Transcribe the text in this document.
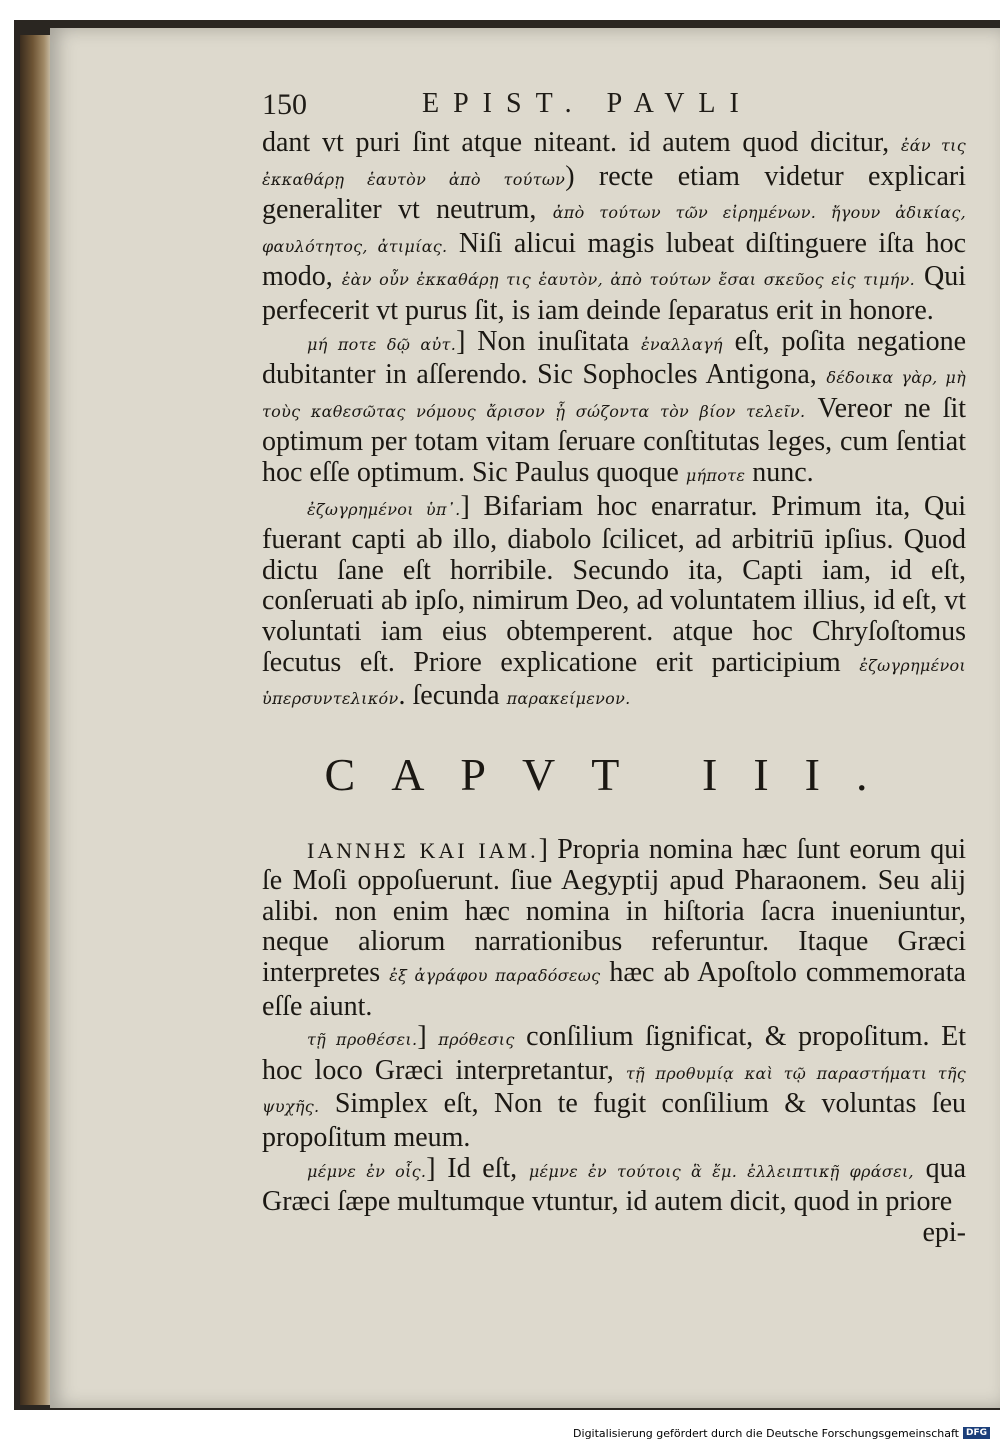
150	EPIST. PAVLI

dant vt puri ſint atque niteant. id autem quod dicitur, ἐάν τις ἐκκαθάρῃ ἑαυτὸν ἀπὸ τούτων) recte etiam videtur explicari generaliter vt neutrum, ἀπὸ τούτων τῶν εἰρημένων. ἤγουν ἀδικίας, φαυλότητος, ἀτιμίας. Niſi alicui magis lubeat diſtinguere iſta hoc modo, ἐὰν οὖν ἐκκαθάρῃ τις ἑαυτὸν, ἀπὸ τούτων ἔσαι σκεῦος εἰς τιμήν. Qui perfecerit vt purus ſit, is iam deinde ſeparatus erit in honore.

μή ποτε δῷ αὐτ.] Non inuſitata ἐναλλαγή eſt, poſita negatione dubitanter in aſſerendo. Sic Sophocles Antigona, δέδοικα γὰρ, μὴ τοὺς καθεσῶτας νόμους ἄρισον ᾖ σώζοντα τὸν βίον τελεῖν. Vereor ne ſit optimum per totam vitam ſeruare conſtitutas leges, cum ſentiat hoc eſſe optimum. Sic Paulus quoque μήποτε nunc.

ἐζωγρημένοι ὑπ᾽.] Bifariam hoc enarratur. Primum ita, Qui fuerant capti ab illo, diabolo ſcilicet, ad arbitriū ipſius. Quod dictu ſane eſt horribile. Secundo ita, Capti iam, id eſt, conſeruati ab ipſo, nimirum Deo, ad voluntatem illius, id eſt, vt voluntati iam eius obtemperent. atque hoc Chryſoſtomus ſecutus eſt. Priore explicatione erit participium ἐζωγρημένοι ὑπερσυντελικόν. ſecunda παρακείμενον.

CAPVT III.

ΙΑΝΝΗΣ ΚΑΙ ΙΑΜ.] Propria nomina hæc ſunt eorum qui ſe Moſi oppoſuerunt. ſiue Aegyptij apud Pharaonem. Seu alij alibi. non enim hæc nomina in hiſtoria ſacra inueniuntur, neque aliorum narrationibus referuntur. Itaque Græci interpretes ἐξ ἀγράφου παραδόσεως hæc ab Apoſtolo commemorata eſſe aiunt.

τῇ προθέσει.] πρόθεσις conſilium ſignificat, & propoſitum. Et hoc loco Græci interpretantur, τῇ προθυμίᾳ καὶ τῷ παραστήματι τῆς ψυχῆς. Simplex eſt, Non te fugit conſilium & voluntas ſeu propoſitum meum.

μέμνε ἐν οἷς.] Id eſt, μέμνε ἐν τούτοις ἃ ἔμ. ἐλλειπτικῇ φράσει, qua Græci ſæpe multumque vtuntur, id autem dicit, quod in priore

epi-
Digitalisierung gefördert durch die Deutsche Forschungsgemeinschaft DFG
